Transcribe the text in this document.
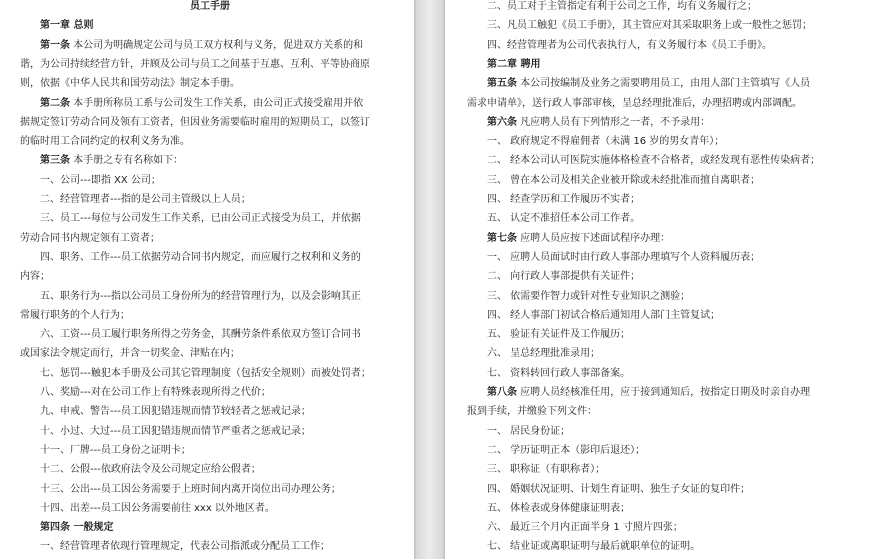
员工手册
第一章 总则
第一条 本公司为明确规定公司与员工双方权利与义务，促进双方关系的和
谐，为公司持续经营方针，并顾及公司与员工之间基于互惠、互利、平等协商原
则，依据《中华人民共和国劳动法》制定本手册。
第二条 本手册所称员工系与公司发生工作关系，由公司正式接受雇用并依
据规定签订劳动合同及领有工资者，但因业务需要临时雇用的短期员工，以签订
的临时用工合同约定的权利义务为准。
第三条 本手册之专有名称如下：
一、公司---即指 XX 公司；
二、经营管理者---指的是公司主管级以上人员；
三、员工---每位与公司发生工作关系，已由公司正式接受为员工，并依据
劳动合同书内规定领有工资者；
四、职务、工作---员工依据劳动合同书内规定，而应履行之权利和义务的
内容；
五、职务行为---指以公司员工身份所为的经营管理行为，以及会影响其正
常履行职务的个人行为；
六、工资---员工履行职务所得之劳务金，其酬劳条件系依双方签订合同书
或国家法令规定而行，并含一切奖金、津贴在内；
七、惩罚---触犯本手册及公司其它管理制度（包括安全规则）而被处罚者；
八、奖励---对在公司工作上有特殊表现所得之代价；
九、申戒、警告---员工因犯错违规而情节较轻者之惩戒记录；
十、小过、大过---员工因犯错违规而情节严重者之惩戒记录；
十一、厂牌---员工身份之证明卡；
十二、公假---依政府法令及公司规定应给公假者；
十三、公出---员工因公务需要于上班时间内离开岗位出司办理公务；
十四、出差---员工因公务需要前往 xxx 以外地区者。
第四条 一般规定
一、经营管理者依现行管理规定，代表公司指派或分配员工工作；
二、员工对于主管指定有利于公司之工作，均有义务履行之；
三、凡员工触犯《员工手册》，其主管应对其采取职务上或一般性之惩罚；
四、经营管理者为公司代表执行人，有义务履行本《员工手册》。
第二章 聘用
第五条 本公司按编制及业务之需要聘用员工，由用人部门主管填写《人员
需求申请单》，送行政人事部审核，呈总经理批准后，办理招聘或内部调配。
第六条 凡应聘人员有下列情形之一者，不予录用：
一、 政府规定不得雇佣者（未满 16 岁的男女青年）；
二、 经本公司认可医院实施体格检查不合格者，或经发现有恶性传染病者；
三、 曾在本公司及相关企业被开除或未经批准而擅自离职者；
四、 经查学历和工作履历不实者；
五、 认定不准招任本公司工作者。
第七条 应聘人员应按下述面试程序办理：
一、 应聘人员面试时由行政人事部办理填写个人资料履历表；
二、 向行政人事部提供有关证件；
三、 依需要作智力或针对性专业知识之测验；
四、 经人事部门初试合格后通知用人部门主管复试；
五、 验证有关证件及工作履历；
六、 呈总经理批准录用；
七、 资料转回行政人事部备案。
第八条 应聘人员经核准任用，应于接到通知后，按指定日期及时亲自办理
报到手续，并缴验下列文件：
一、 居民身份证；
二、 学历证明正本（影印后退还）；
三、 职称证（有职称者）；
四、 婚姻状况证明、计划生育证明、独生子女证的复印件；
五、 体检表或身体健康证明表；
六、 最近三个月内正面半身 1 寸照片四张；
七、 结业证或离职证明与最后就职单位的证明。
